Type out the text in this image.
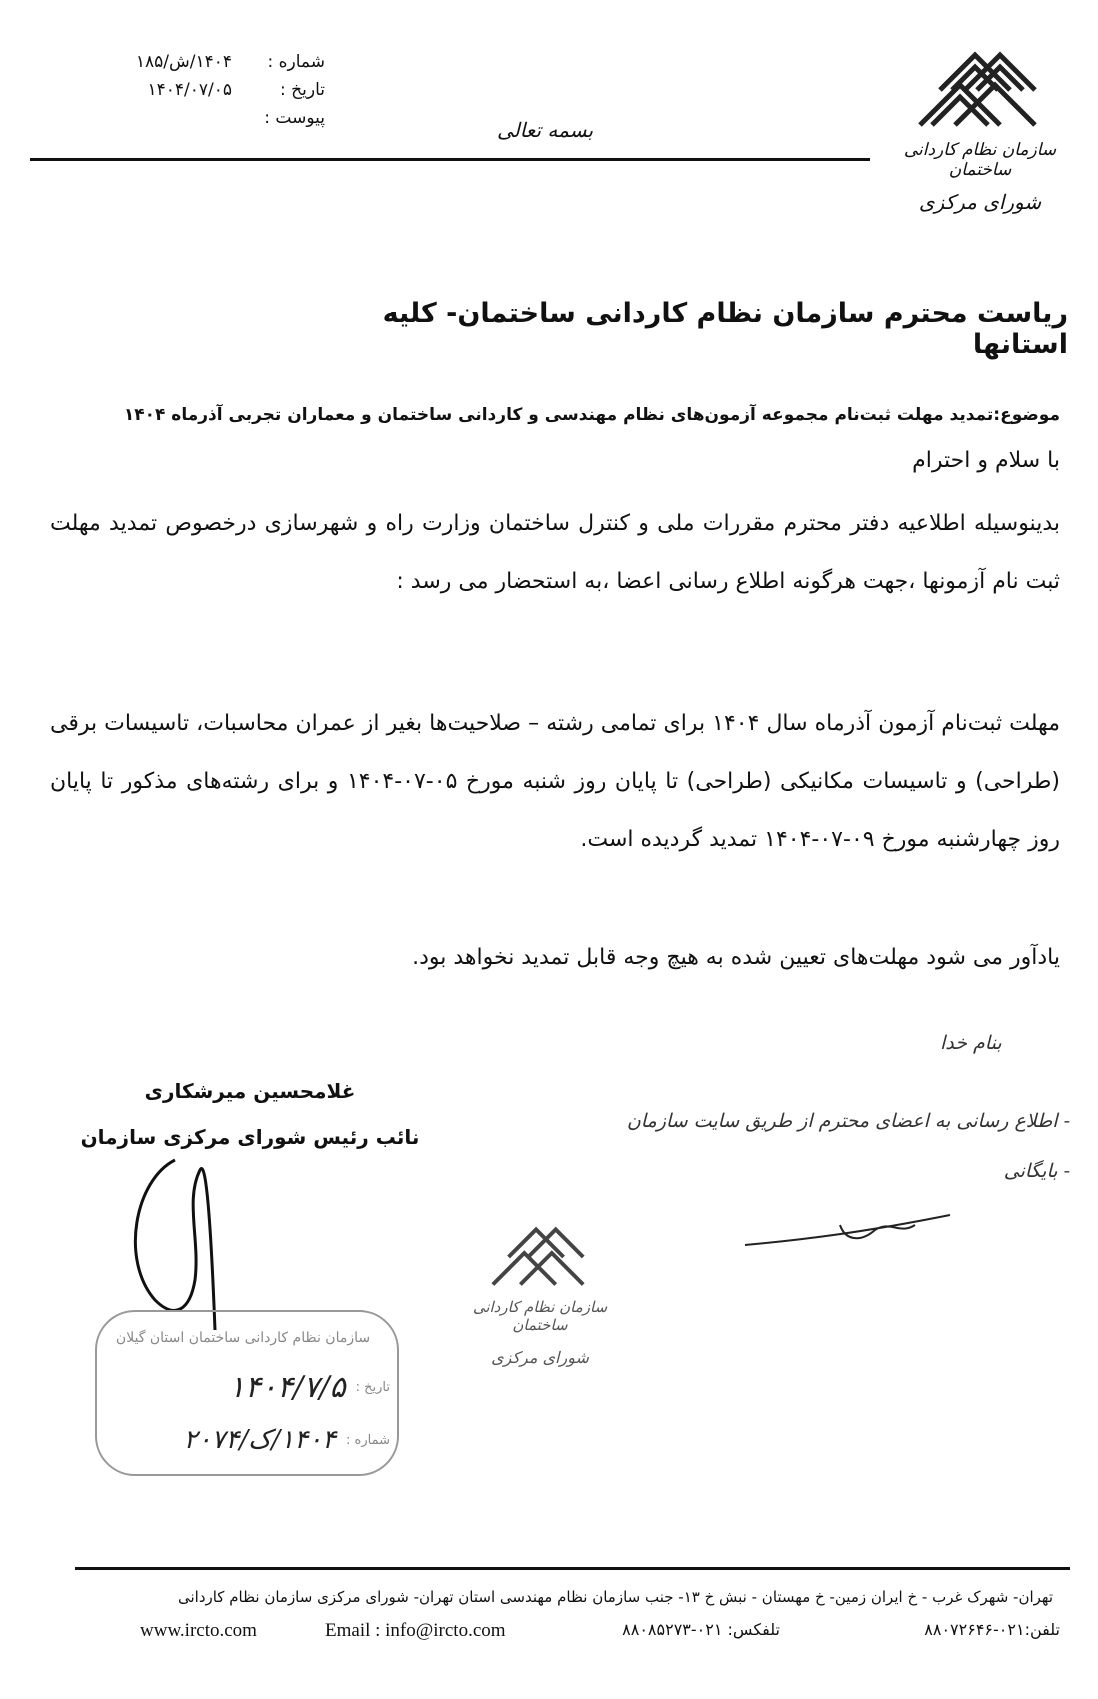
شماره :
۱۴۰۴/ش/۱۸۵
تاریخ :
۱۴۰۴/۰۷/۰۵
پیوست :	بسمه تعالی
سازمان نظام کاردانی ساختمان
شورای مرکزی
ریاست محترم سازمان نظام کاردانی ساختمان- کلیه استانها
موضوع:تمدید مهلت ثبت‌نام مجموعه آزمون‌های نظام مهندسی و کاردانی ساختمان و معماران تجربی آذرماه ۱۴۰۴
با سلام و احترام
بدینوسیله اطلاعیه دفتر محترم مقررات ملی و کنترل ساختمان وزارت راه و شهرسازی درخصوص تمدید مهلت ثبت نام آزمونها ،جهت هرگونه اطلاع رسانی اعضا ،به استحضار می رسد :
مهلت ثبت‌نام آزمون آذرماه سال ۱۴۰۴ برای تمامی رشته – صلاحیت‌ها بغیر از عمران محاسبات، تاسیسات برقی (طراحی) و تاسیسات مکانیکی (طراحی) تا پایان روز شنبه مورخ ۰۵-۰۷-۱۴۰۴ و برای رشته‌های مذکور تا پایان روز چهارشنبه مورخ ۰۹-۰۷-۱۴۰۴ تمدید گردیده است.
یادآور می شود مهلت‌های تعیین شده به هیچ وجه قابل تمدید نخواهد بود.
غلامحسین میرشکاری
نائب رئیس شورای مرکزی سازمان
بنام خدا
- اطلاع رسانی به اعضای محترم از طریق سایت سازمان
- بایگانی
سازمان نظام کاردانی ساختمان
شورای مرکزی
سازمان نظام کاردانی ساختمان استان گیلان
تاریخ :
۱۴۰۴/۷/۵
شماره :
۱۴۰۴/ک/۲۰۷۴
تهران- شهرک غرب - خ ایران زمین- خ مهستان - نبش خ ۱۳- جنب سازمان نظام مهندسی استان تهران- شورای مرکزی سازمان نظام کاردانی
www.ircto.com	Email : info@ircto.com	تلفکس: ۰۲۱-۸۸۰۸۵۲۷۳	تلفن:۰۲۱-۸۸۰۷۲۶۴۶
